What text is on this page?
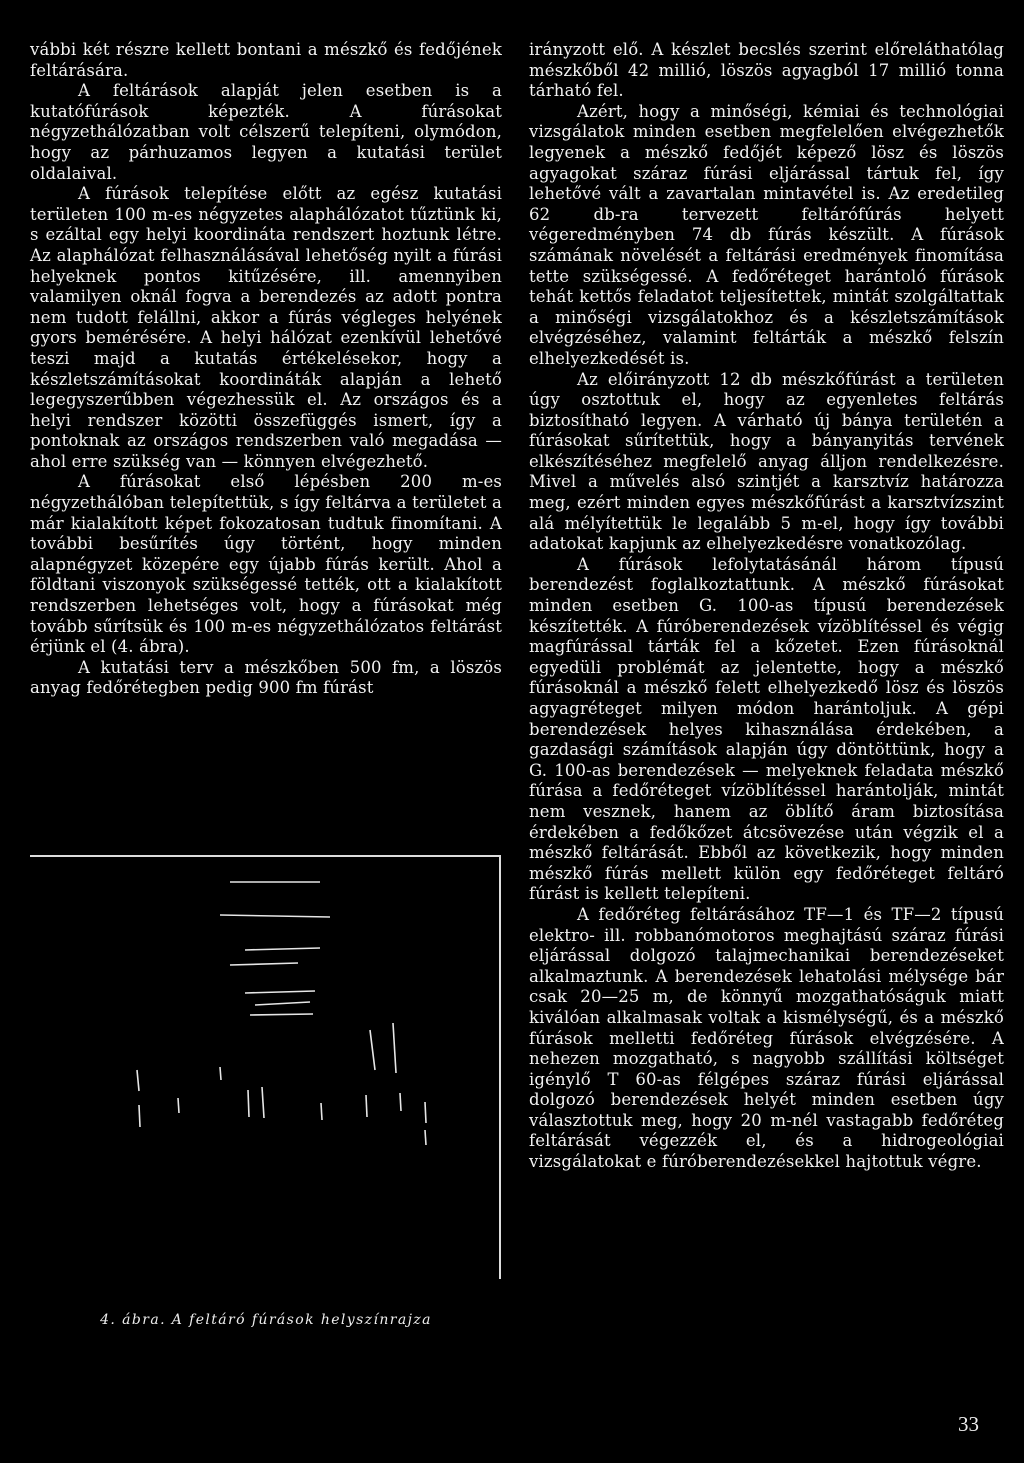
vábbi két részre kellett bontani a mészkő és fedőjének feltárására.

A feltárások alapját jelen esetben is a kutatófúrások képezték. A fúrásokat négyzethálózatban volt célszerű telepíteni, olymódon, hogy az párhuzamos legyen a kutatási terület oldalaival.

A fúrások telepítése előtt az egész kutatási területen 100 m-es négyzetes alaphálózatot tűztünk ki, s ezáltal egy helyi koordináta rendszert hoztunk létre. Az alaphálózat felhasználásával lehetőség nyilt a fúrási helyeknek pontos kitűzésére, ill. amennyiben valamilyen oknál fogva a berendezés az adott pontra nem tudott felállni, akkor a fúrás végleges helyének gyors bemérésére. A helyi hálózat ezenkívül lehetővé teszi majd a kutatás értékelésekor, hogy a készletszámításokat koordináták alapján a lehető legegyszerűbben végezhessük el. Az országos és a helyi rendszer közötti összefüggés ismert, így a pontoknak az országos rendszerben való megadása — ahol erre szükség van — könnyen elvégezhető.

A fúrásokat első lépésben 200 m-es négyzethálóban telepítettük, s így feltárva a területet a már kialakított képet fokozatosan tudtuk finomítani. A további besűrítés úgy történt, hogy minden alapnégyzet közepére egy újabb fúrás került. Ahol a földtani viszonyok szükségessé tették, ott a kialakított rendszerben lehetséges volt, hogy a fúrásokat még tovább sűrítsük és 100 m-es négyzethálózatos feltárást érjünk el (4. ábra).

A kutatási terv a mészkőben 500 fm, a löszös anyag fedőrétegben pedig 900 fm fúrást

4. ábra. A feltáró fúrások helyszínrajza

irányzott elő. A készlet becslés szerint előreláthatólag mészkőből 42 millió, löszös agyagból 17 millió tonna tárható fel.

Azért, hogy a minőségi, kémiai és technológiai vizsgálatok minden esetben megfelelően elvégezhetők legyenek a mészkő fedőjét képező lösz és löszös agyagokat száraz fúrási eljárással tártuk fel, így lehetővé vált a zavartalan mintavétel is. Az eredetileg 62 db-ra tervezett feltárófúrás helyett végeredményben 74 db fúrás készült. A fúrások számának növelését a feltárási eredmények finomítása tette szükségessé. A fedőréteget harántoló fúrások tehát kettős feladatot teljesítettek, mintát szolgáltattak a minőségi vizsgálatokhoz és a készletszámítások elvégzéséhez, valamint feltárták a mészkő felszín elhelyezkedését is.

Az előirányzott 12 db mészkőfúrást a területen úgy osztottuk el, hogy az egyenletes feltárás biztosítható legyen. A várható új bánya területén a fúrásokat sűrítettük, hogy a bányanyitás tervének elkészítéséhez megfelelő anyag álljon rendelkezésre. Mivel a művelés alsó szintjét a karsztvíz határozza meg, ezért minden egyes mészkőfúrást a karsztvízszint alá mélyítettük le legalább 5 m-el, hogy így további adatokat kapjunk az elhelyezkedésre vonatkozólag.

A fúrások lefolytatásánál három típusú berendezést foglalkoztattunk. A mészkő fúrásokat minden esetben G. 100-as típusú berendezések készítették. A fúróberendezések vízöblítéssel és végig magfúrással tárták fel a kőzetet. Ezen fúrásoknál egyedüli problémát az jelentette, hogy a mészkő fúrásoknál a mészkő felett elhelyezkedő lösz és löszös agyagréteget milyen módon harántoljuk. A gépi berendezések helyes kihasználása érdekében, a gazdasági számítások alapján úgy döntöttünk, hogy a G. 100-as berendezések — melyeknek feladata mészkő fúrása a fedőréteget vízöblítéssel harántolják, mintát nem vesznek, hanem az öblítő áram biztosítása érdekében a fedőkőzet átcsövezése után végzik el a mészkő feltárását. Ebből az következik, hogy minden mészkő fúrás mellett külön egy fedőréteget feltáró fúrást is kellett telepíteni.

A fedőréteg feltárásához TF—1 és TF—2 típusú elektro- ill. robbanómotoros meghajtású száraz fúrási eljárással dolgozó talajmechanikai berendezéseket alkalmaztunk. A berendezések lehatolási mélysége bár csak 20—25 m, de könnyű mozgathatóságuk miatt kiválóan alkalmasak voltak a kismélységű, és a mészkő fúrások melletti fedőréteg fúrások elvégzésére. A nehezen mozgatható, s nagyobb szállítási költséget igénylő T 60-as félgépes száraz fúrási eljárással dolgozó berendezések helyét minden esetben úgy választottuk meg, hogy 20 m-nél vastagabb fedőréteg feltárását végezzék el, és a hidrogeológiai vizsgálatokat e fúróberendezésekkel hajtottuk végre.

33
